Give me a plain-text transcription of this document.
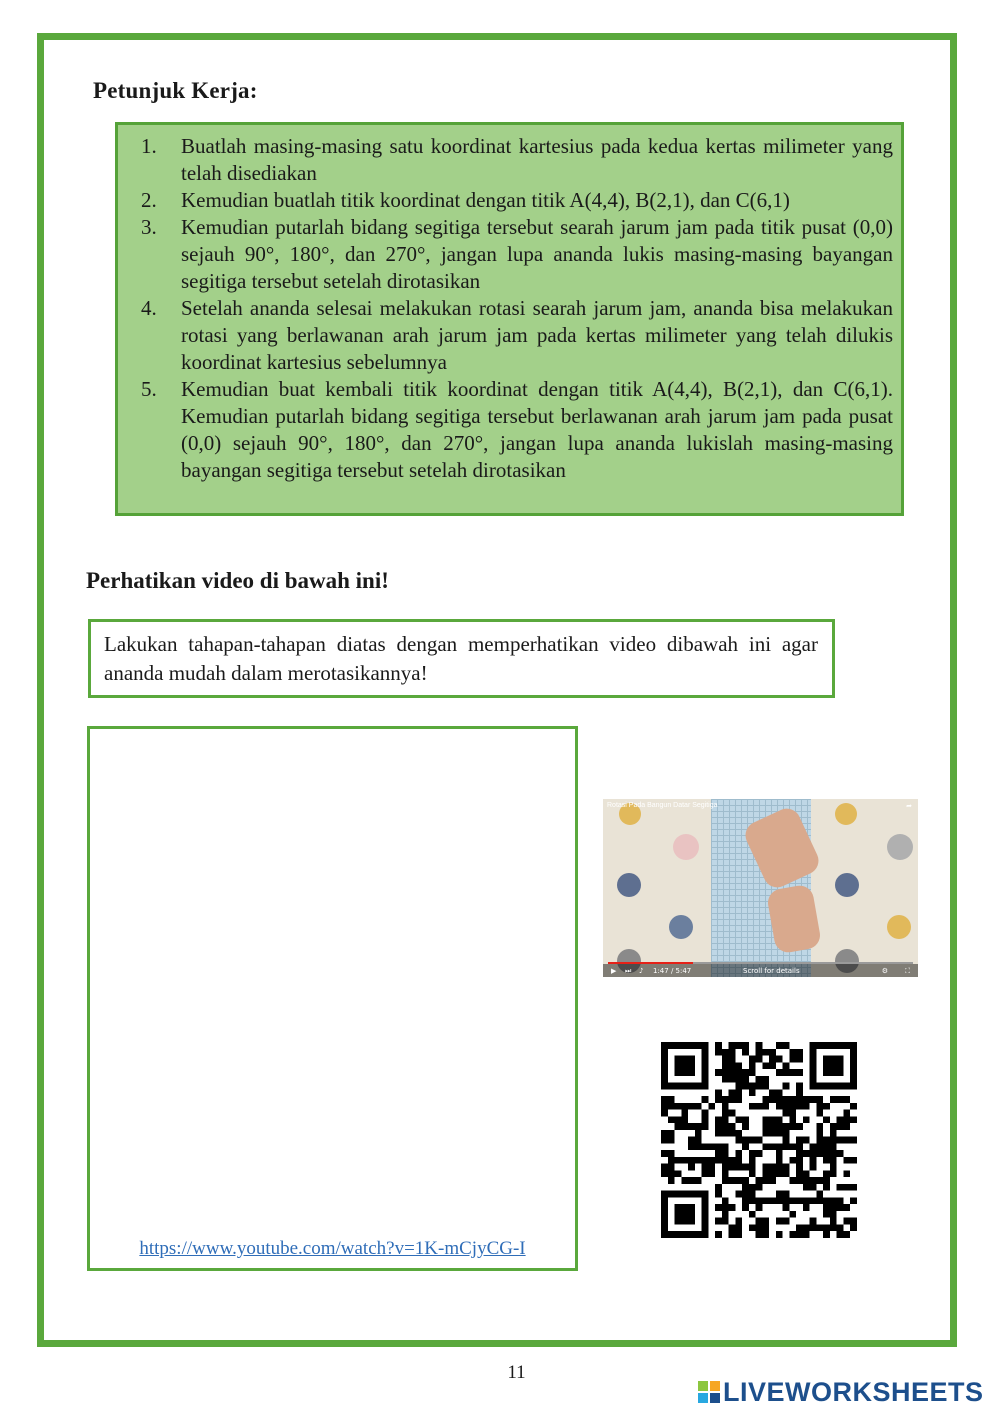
Petunjuk Kerja:
1.	Buatlah masing-masing satu koordinat kartesius pada kedua kertas milimeter yang telah disediakan
2.	Kemudian buatlah titik koordinat dengan titik A(4,4), B(2,1), dan C(6,1)
3.	Kemudian putarlah bidang segitiga tersebut searah jarum jam pada titik pusat (0,0) sejauh 90°, 180°, dan 270°, jangan lupa ananda lukis masing-masing bayangan segitiga tersebut setelah dirotasikan
4.	Setelah ananda selesai melakukan rotasi searah jarum jam, ananda bisa melakukan rotasi yang berlawanan arah jarum jam pada kertas milimeter yang telah dilukis koordinat kartesius sebelumnya
5.	Kemudian buat kembali titik koordinat dengan titik A(4,4), B(2,1), dan C(6,1). Kemudian putarlah bidang segitiga tersebut berlawanan arah jarum jam pada pusat (0,0) sejauh 90°, 180°, dan 270°, jangan lupa ananda lukislah masing-masing bayangan segitiga tersebut setelah dirotasikan
Perhatikan video di bawah ini!
Lakukan tahapan-tahapan diatas dengan memperhatikan video dibawah ini agar ananda mudah dalam merotasikannya!
https://www.youtube.com/watch?v=1K-mCjyCG-I
Rotasi Pada Bangun Datar Segitiga	➦
▶ ⏭ ♪ 1:47 / 5:47	Scroll for details	⚙ ⛶
11
LIVEWORKSHEETS
